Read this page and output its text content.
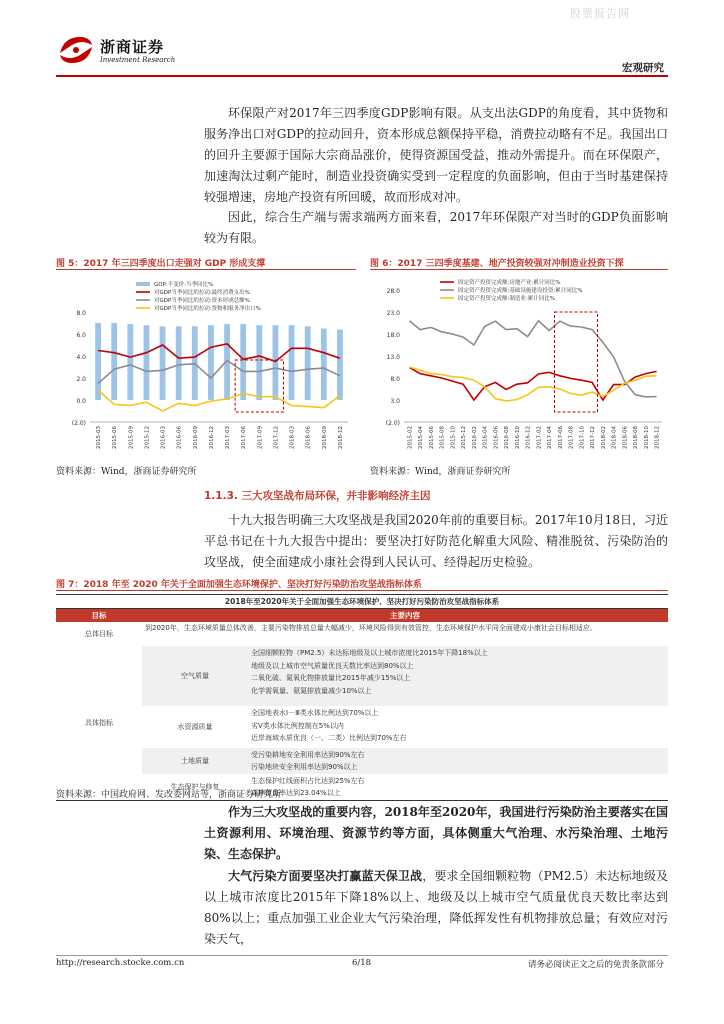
股票报告网
浙商证券
Investment Research
宏观研究
环保限产对2017年三四季度GDP影响有限。从支出法GDP的角度看，其中货物和服务净出口对GDP的拉动回升，资本形成总额保持平稳，消费拉动略有不足。我国出口的回升主要源于国际大宗商品涨价，使得资源国受益，推动外需提升。而在环保限产，加速淘汰过剩产能时，制造业投资确实受到一定程度的负面影响，但由于当时基建保持较强增速，房地产投资有所回暖，故而形成对冲。
因此，综合生产端与需求端两方面来看，2017年环保限产对当时的GDP负面影响较为有限。
图 5：2017 年三四季度出口走强对 GDP 形成支撑
8.0
6.0
4.0
2.0
0.0
(2.0)
2015-03 2015-06 2015-09 2015-12 2016-03 2016-06 2016-09 2016-12 2017-03 2017-06 2017-09 2017-12 2018-03 2018-06 2018-09 2018-12
GDP:不变价:当季同比%
对GDP当季同比的拉动:最终消费支出%
对GDP当季同比的拉动:资本形成总额%
对GDP当季同比的拉动:货物和服务净出口%
资料来源：Wind，浙商证券研究所
图 6：2017 三四季度基建、地产投资较强对冲制造业投资下探
28.0
23.0
18.0
13.0
8.0
3.0
(2.0)
2015-02 2015-04 2015-06 2015-08 2015-10 2015-12 2016-02 2016-04 2016-06 2016-08 2016-10 2016-12 2017-02 2017-04 2017-06 2017-08 2017-10 2017-12 2018-02 2018-04 2018-06 2018-08 2018-10 2018-12
固定资产投资完成额:房地产业:累计同比%
固定资产投资完成额:基础设施建设投资:累计同比%
固定资产投资完成额:制造业:累计同比%
资料来源：Wind，浙商证券研究所
1.1.3. 三大攻坚战布局环保，并非影响经济主因
十九大报告明确三大攻坚战是我国2020年前的重要目标。2017年10月18日，习近平总书记在十九大报告中提出：要坚决打好防范化解重大风险、精准脱贫、污染防治的攻坚战，使全面建成小康社会得到人民认可、经得起历史检验。
图 7：2018 年至 2020 年关于全面加强生态环境保护、坚决打好污染防治攻坚战指标体系
2018年至2020年关于全面加强生态环境保护、坚决打好污染防治攻坚战指标体系		
目标	主要内容	
总体目标	到2020年，生态环境质量总体改善，主要污染物排放总量大幅减少，环境风险得到有效管控，生态环境保护水平同全面建成小康社会目标相适应。	
具体指标	空气质量	全国细颗粒物（PM2.5）未达标地级及以上城市浓度比2015年下降18%以上
地级及以上城市空气质量优良天数比率达到80%以上
二氧化硫、氮氧化物排放量比2015年减少15%以上
化学需氧量、氨氮排放量减少10%以上

	水资源质量	全国地表水Ⅰ－Ⅲ类水体比例达到70%以上
劣V类水体比例控制在5%以内
近岸海域水质优良（一、二类）比例达到70%左右

	土地质量	受污染耕地安全利用率达到90%左右
污染地块安全利用率达到90%以上

	生态保护与修复	生态保护红线面积占比达到25%左右
森林覆盖率达到23.04%以上
资料来源：中国政府网、发改委网站等，浙商证券研究所
作为三大攻坚战的重要内容，2018年至2020年，我国进行污染防治主要落实在国土资源利用、环境治理、资源节约等方面，具体侧重大气治理、水污染治理、土地污染、生态保护。
大气污染方面要坚决打赢蓝天保卫战，要求全国细颗粒物（PM2.5）未达标地级及以上城市浓度比2015年下降18%以上、地级及以上城市空气质量优良天数比率达到80%以上；重点加强工业企业大气污染治理，降低挥发性有机物排放总量；有效应对污染天气，
http://research.stocke.com.cn	6/18	请务必阅读正文之后的免责条款部分
